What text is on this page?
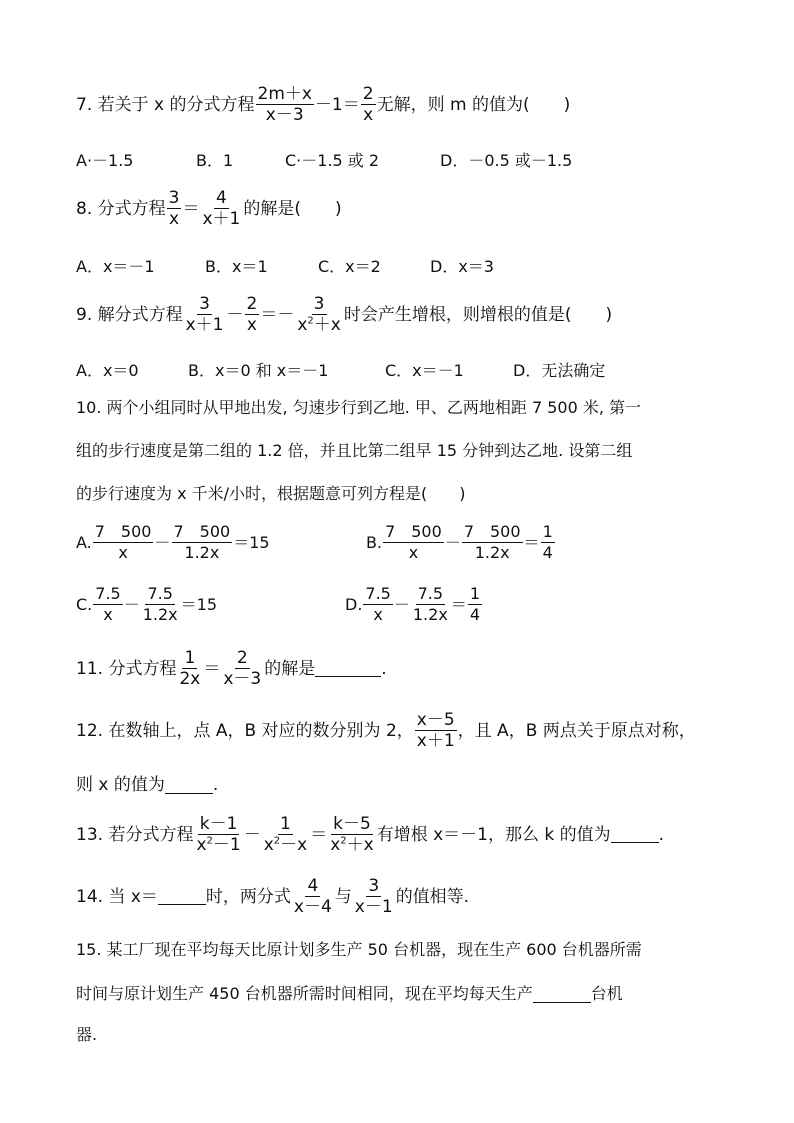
7. 若关于 x 的分式方程 $\frac{2m+x}{x-3} -1= \frac{2}{x}$ 无解，则 m 的值为(　　)
A·－1.5	B．1	C·－1.5 或 2	D．－0.5 或－1.5
8. 分式方程 $\frac{3}{x} = \frac{4}{x+1}$ 的解是(　　)
A．x＝－1	B．x＝1	C．x＝2	D．x＝3
9. 解分式方程 $\frac{3}{x+1} - \frac{2}{x} =- \frac{3}{x^2+x}$ 时会产生增根，则增根的值是(　　)
A．x＝0	B．x＝0 和 x＝－1	C．x＝－1	D．无法确定
10. 两个小组同时从甲地出发, 匀速步行到乙地. 甲、乙两地相距 7 500 米, 第一
组的步行速度是第二组的 1.2 倍，并且比第二组早 15 分钟到达乙地. 设第二组
的步行速度为 x 千米/小时，根据题意可列方程是(　　)
A. $\frac{7 500}{x} - \frac{7 500}{1.2x} =15$	B. $\frac{7 500}{x} - \frac{7 500}{1.2x} = \frac{1}{4}$
C. $\frac{7.5}{x} - \frac{7.5}{1.2x} =15$	D. $\frac{7.5}{x} - \frac{7.5}{1.2x} = \frac{1}{4}$
11. 分式方程 $\frac{1}{2x} = \frac{2}{x-3}$ 的解是	.
12. 在数轴上，点 A，B 对应的数分别为 2， $\frac{x-5}{x+1}$ ，且 A，B 两点关于原点对称，
则 x 的值为	.
13. 若分式方程 $\frac{k-1}{x^2-1} - \frac{1}{x^2-x} = \frac{k-5}{x^2+x}$ 有增根 x＝－1，那么 k 的值为	.
14. 当 x＝	时，两分式 $\frac{4}{x-4}$ 与 $\frac{3}{x-1}$ 的值相等.
15. 某工厂现在平均每天比原计划多生产 50 台机器，现在生产 600 台机器所需
时间与原计划生产 450 台机器所需时间相同，现在平均每天生产	台机
器.
